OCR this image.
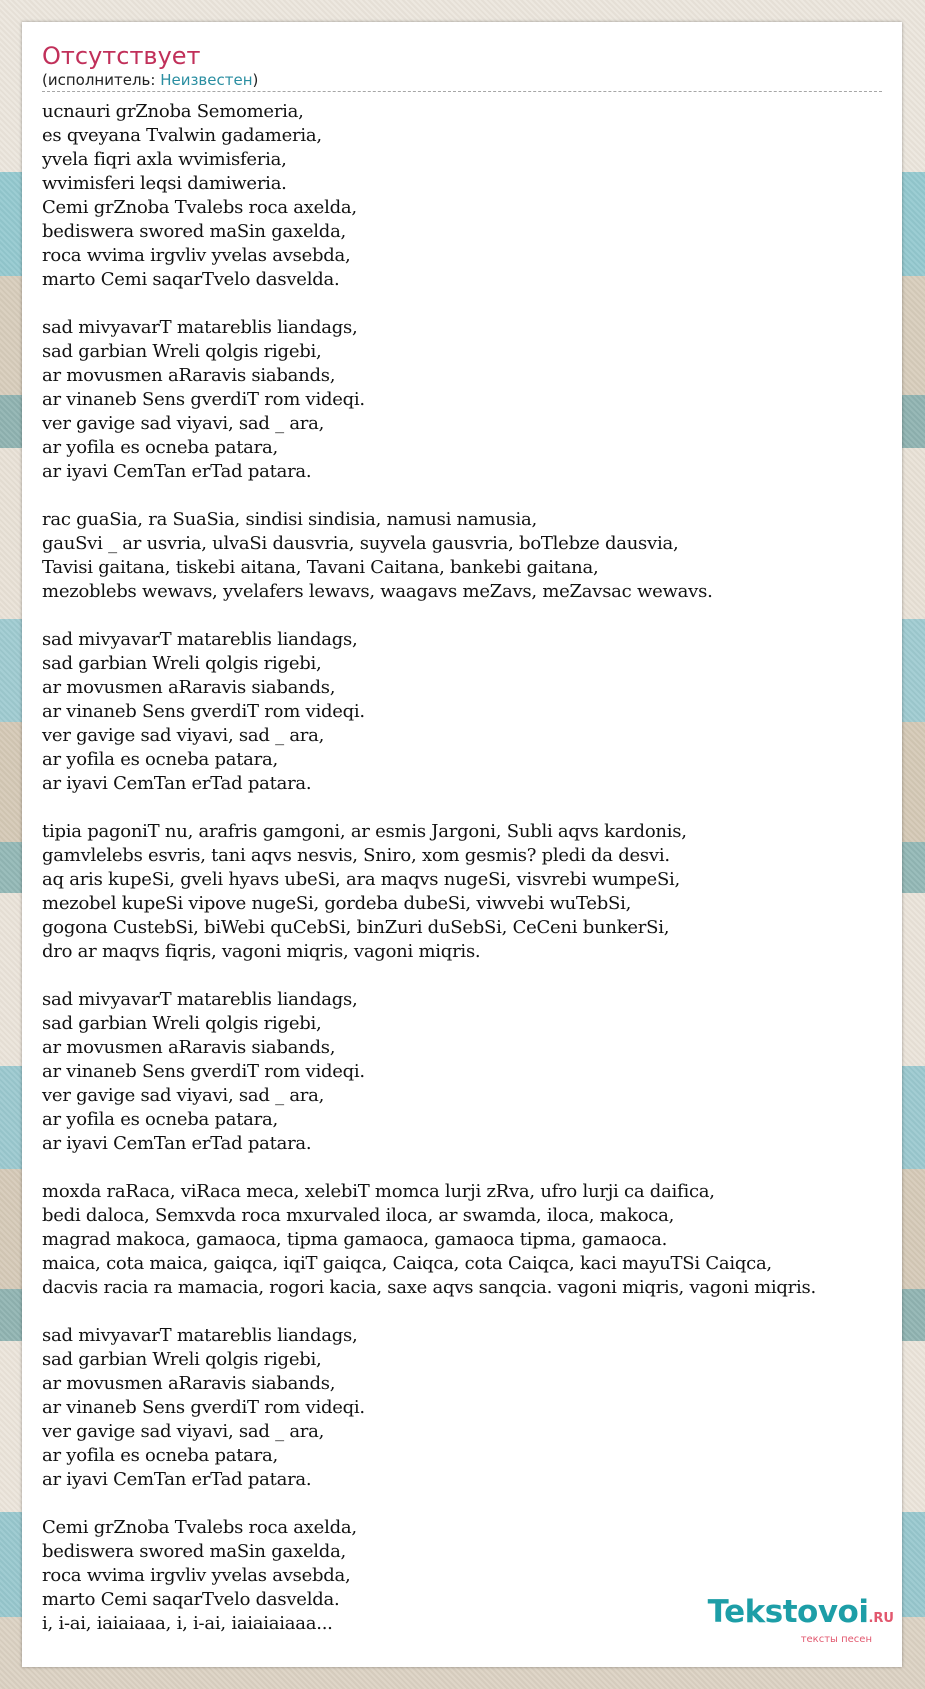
Отсутствует
(исполнитель: Неизвестен)
ucnauri grZnoba Semomeria,
es qveyana Tvalwin gadameria,
yvela fiqri axla wvimisferia,
wvimisferi leqsi damiweria.
Cemi grZnoba Tvalebs roca axelda,
bediswera swored maSin gaxelda,
roca wvima irgvliv yvelas avsebda,
marto Cemi saqarTvelo dasvelda.
sad mivyavarT matareblis liandags,
sad garbian Wreli qolgis rigebi,
ar movusmen aRaravis siabands,
ar vinaneb Sens gverdiT rom videqi.
ver gavige sad viyavi, sad _ ara,
ar yofila es ocneba patara,
ar iyavi CemTan erTad patara.
rac guaSia, ra SuaSia, sindisi sindisia, namusi namusia,
gauSvi _ ar usvria, ulvaSi dausvria, suyvela gausvria, boTlebze dausvia,
Tavisi gaitana, tiskebi aitana, Tavani Caitana, bankebi gaitana,
mezoblebs wewavs, yvelafers lewavs, waagavs meZavs, meZavsac wewavs.
sad mivyavarT matareblis liandags,
sad garbian Wreli qolgis rigebi,
ar movusmen aRaravis siabands,
ar vinaneb Sens gverdiT rom videqi.
ver gavige sad viyavi, sad _ ara,
ar yofila es ocneba patara,
ar iyavi CemTan erTad patara.
tipia pagoniT nu, arafris gamgoni, ar esmis Jargoni, Subli aqvs kardonis,
gamvlelebs esvris, tani aqvs nesvis, Sniro, xom gesmis? pledi da desvi.
aq aris kupeSi, gveli hyavs ubeSi, ara maqvs nugeSi, visvrebi wumpeSi,
mezobel kupeSi vipove nugeSi, gordeba dubeSi, viwvebi wuTebSi,
gogona CustebSi, biWebi quCebSi, binZuri duSebSi, CeCeni bunkerSi,
dro ar maqvs fiqris, vagoni miqris, vagoni miqris.
sad mivyavarT matareblis liandags,
sad garbian Wreli qolgis rigebi,
ar movusmen aRaravis siabands,
ar vinaneb Sens gverdiT rom videqi.
ver gavige sad viyavi, sad _ ara,
ar yofila es ocneba patara,
ar iyavi CemTan erTad patara.
moxda raRaca, viRaca meca, xelebiT momca lurji zRva, ufro lurji ca daifica,
bedi daloca, Semxvda roca mxurvaled iloca, ar swamda, iloca, makoca,
magrad makoca, gamaoca, tipma gamaoca, gamaoca tipma, gamaoca.
maica, cota maica, gaiqca, iqiT gaiqca, Caiqca, cota Caiqca, kaci mayuTSi Caiqca,
dacvis racia ra mamacia, rogori kacia, saxe aqvs sanqcia. vagoni miqris, vagoni miqris.
sad mivyavarT matareblis liandags,
sad garbian Wreli qolgis rigebi,
ar movusmen aRaravis siabands,
ar vinaneb Sens gverdiT rom videqi.
ver gavige sad viyavi, sad _ ara,
ar yofila es ocneba patara,
ar iyavi CemTan erTad patara.
Cemi grZnoba Tvalebs roca axelda,
bediswera swored maSin gaxelda,
roca wvima irgvliv yvelas avsebda,
marto Cemi saqarTvelo dasvelda.
i, i-ai, iaiaiaaa, i, i-ai, iaiaiaiaaa...	Tekstovoi.RU
тексты песен
